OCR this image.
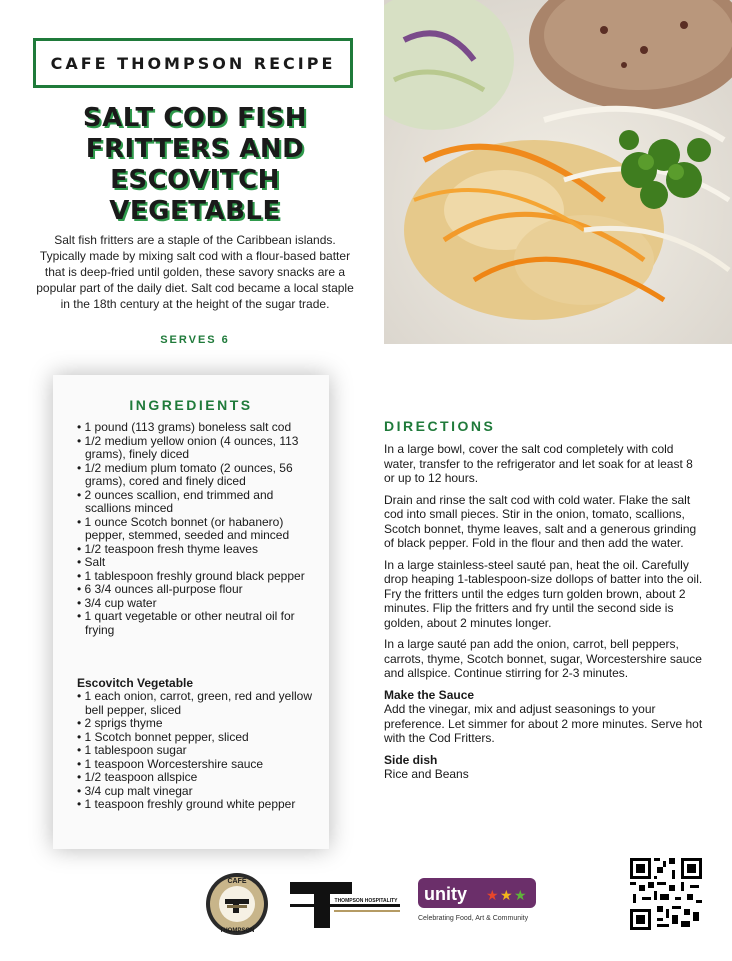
CAFE THOMPSON RECIPE
SALT COD FISH
FRITTERS AND
ESCOVITCH
VEGETABLE
Salt fish fritters are a staple of the Caribbean islands. Typically made by mixing salt cod with a flour-based batter that is deep-fried until golden, these savory snacks are a popular part of the daily diet. Salt cod became a local staple in the 18th century at the height of the sugar trade.
SERVES 6
INGREDIENTS
• 1 pound (113 grams) boneless salt cod
• 1/2 medium yellow onion (4 ounces, 113 grams), finely diced
• 1/2 medium plum tomato (2 ounces, 56 grams), cored and finely diced
• 2 ounces scallion, end trimmed and scallions minced
• 1 ounce Scotch bonnet (or habanero) pepper, stemmed, seeded and minced
• 1/2 teaspoon fresh thyme leaves
• Salt
• 1 tablespoon freshly ground black pepper
• 6 3/4 ounces all-purpose flour
• 3/4 cup water
• 1 quart vegetable or other neutral oil for frying
Escovitch Vegetable
• 1 each onion, carrot, green, red and yellow bell pepper, sliced
• 2 sprigs thyme
• 1 Scotch bonnet pepper, sliced
• 1 tablespoon sugar
• 1 teaspoon Worcestershire sauce
• 1/2 teaspoon allspice
• 3/4 cup malt vinegar
• 1 teaspoon freshly ground white pepper
DIRECTIONS

In a large bowl, cover the salt cod completely with cold water, transfer to the refrigerator and let soak for at least 8 or up to 12 hours.

Drain and rinse the salt cod with cold water. Flake the salt cod into small pieces. Stir in the onion, tomato, scallions, Scotch bonnet, thyme leaves, salt and a generous grinding of black pepper. Fold in the flour and then add the water.

In a large stainless-steel sauté pan, heat the oil. Carefully drop heaping 1-tablespoon-size dollops of batter into the oil. Fry the fritters until the edges turn golden brown, about 2 minutes. Flip the fritters and fry until the second side is golden, about 2 minutes longer.

In a large sauté pan add the onion, carrot, bell peppers, carrots, thyme, Scotch bonnet, sugar, Worcestershire sauce and allspice. Continue stirring for 2-3 minutes.

Make the Sauce

Add the vinegar, mix and adjust seasonings to your preference. Let simmer for about 2 more minutes. Serve hot with the Cod Fritters.

Side dish

Rice and Beans

CAFE
THOMPSON
THOMPSON HOSPITALITY unity ★ ★ ★
Celebrating Food, Art & Community
